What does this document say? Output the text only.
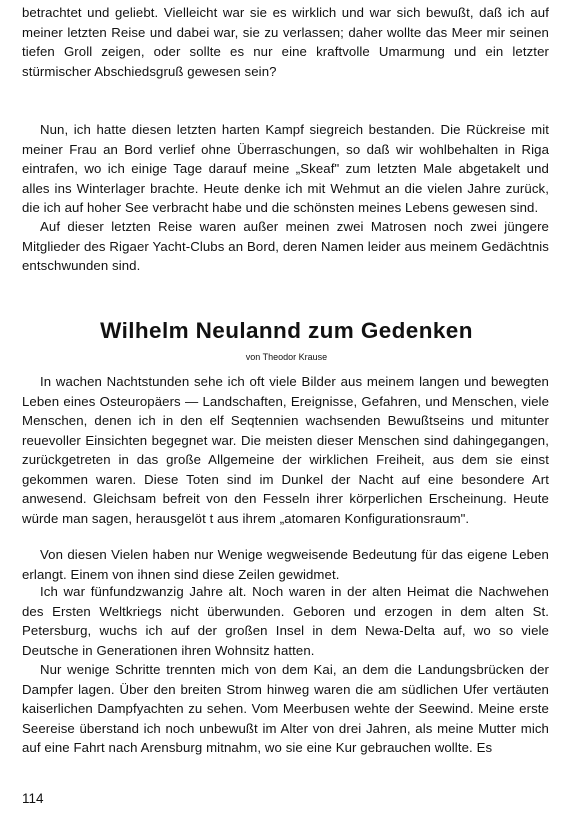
betrachtet und geliebt. Vielleicht war sie es wirklich und war sich bewußt, daß ich auf meiner letzten Reise und dabei war, sie zu verlassen; daher wollte das Meer mir seinen tiefen Groll zeigen, oder sollte es nur eine kraftvolle Umarmung und ein letzter stürmischer Abschiedsgruß gewesen sein?

Nun, ich hatte diesen letzten harten Kampf siegreich bestanden. Die Rückreise mit meiner Frau an Bord verlief ohne Überraschungen, so daß wir wohlbehalten in Riga eintrafen, wo ich einige Tage darauf meine „Skeaf" zum letzten Male abgetakelt und alles ins Winterlager brachte. Heute denke ich mit Wehmut an die vielen Jahre zurück, die ich auf hoher See verbracht habe und die schönsten meines Lebens gewesen sind.

Auf dieser letzten Reise waren außer meinen zwei Matrosen noch zwei jüngere Mitglieder des Rigaer Yacht-Clubs an Bord, deren Namen leider aus meinem Gedächtnis entschwunden sind.

Wilhelm Neulannd zum Gedenken

von Theodor Krause

In wachen Nachtstunden sehe ich oft viele Bilder aus meinem langen und bewegten Leben eines Osteuropäers — Landschaften, Ereignisse, Gefahren, und Menschen, viele Menschen, denen ich in den elf Seqtennien wachsenden Bewußtseins und mitunter reuevoller Einsichten begegnet war. Die meisten dieser Menschen sind dahingegangen, zurückgetreten in das große Allgemeine der wirklichen Freiheit, aus dem sie einst gekommen waren. Diese Toten sind im Dunkel der Nacht auf eine besondere Art anwesend. Gleichsam befreit von den Fesseln ihrer körperlichen Erscheinung. Heute würde man sagen, herausgelöt t aus ihrem „atomaren Konfigurationsraum".

Von diesen Vielen haben nur Wenige wegweisende Bedeutung für das eigene Leben erlangt. Einem von ihnen sind diese Zeilen gewidmet.

Ich war fünfundzwanzig Jahre alt. Noch waren in der alten Heimat die Nachwehen des Ersten Weltkriegs nicht überwunden. Geboren und erzogen in dem alten St. Petersburg, wuchs ich auf der großen Insel in dem Newa-Delta auf, wo so viele Deutsche in Generationen ihren Wohnsitz hatten.

Nur wenige Schritte trennten mich von dem Kai, an dem die Landungsbrücken der Dampfer lagen. Über den breiten Strom hinweg waren die am südlichen Ufer vertäuten kaiserlichen Dampfyachten zu sehen. Vom Meerbusen wehte der Seewind. Meine erste Seereise überstand ich noch unbewußt im Alter von drei Jahren, als meine Mutter mich auf eine Fahrt nach Arensburg mitnahm, wo sie eine Kur gebrauchen wollte. Es

114
